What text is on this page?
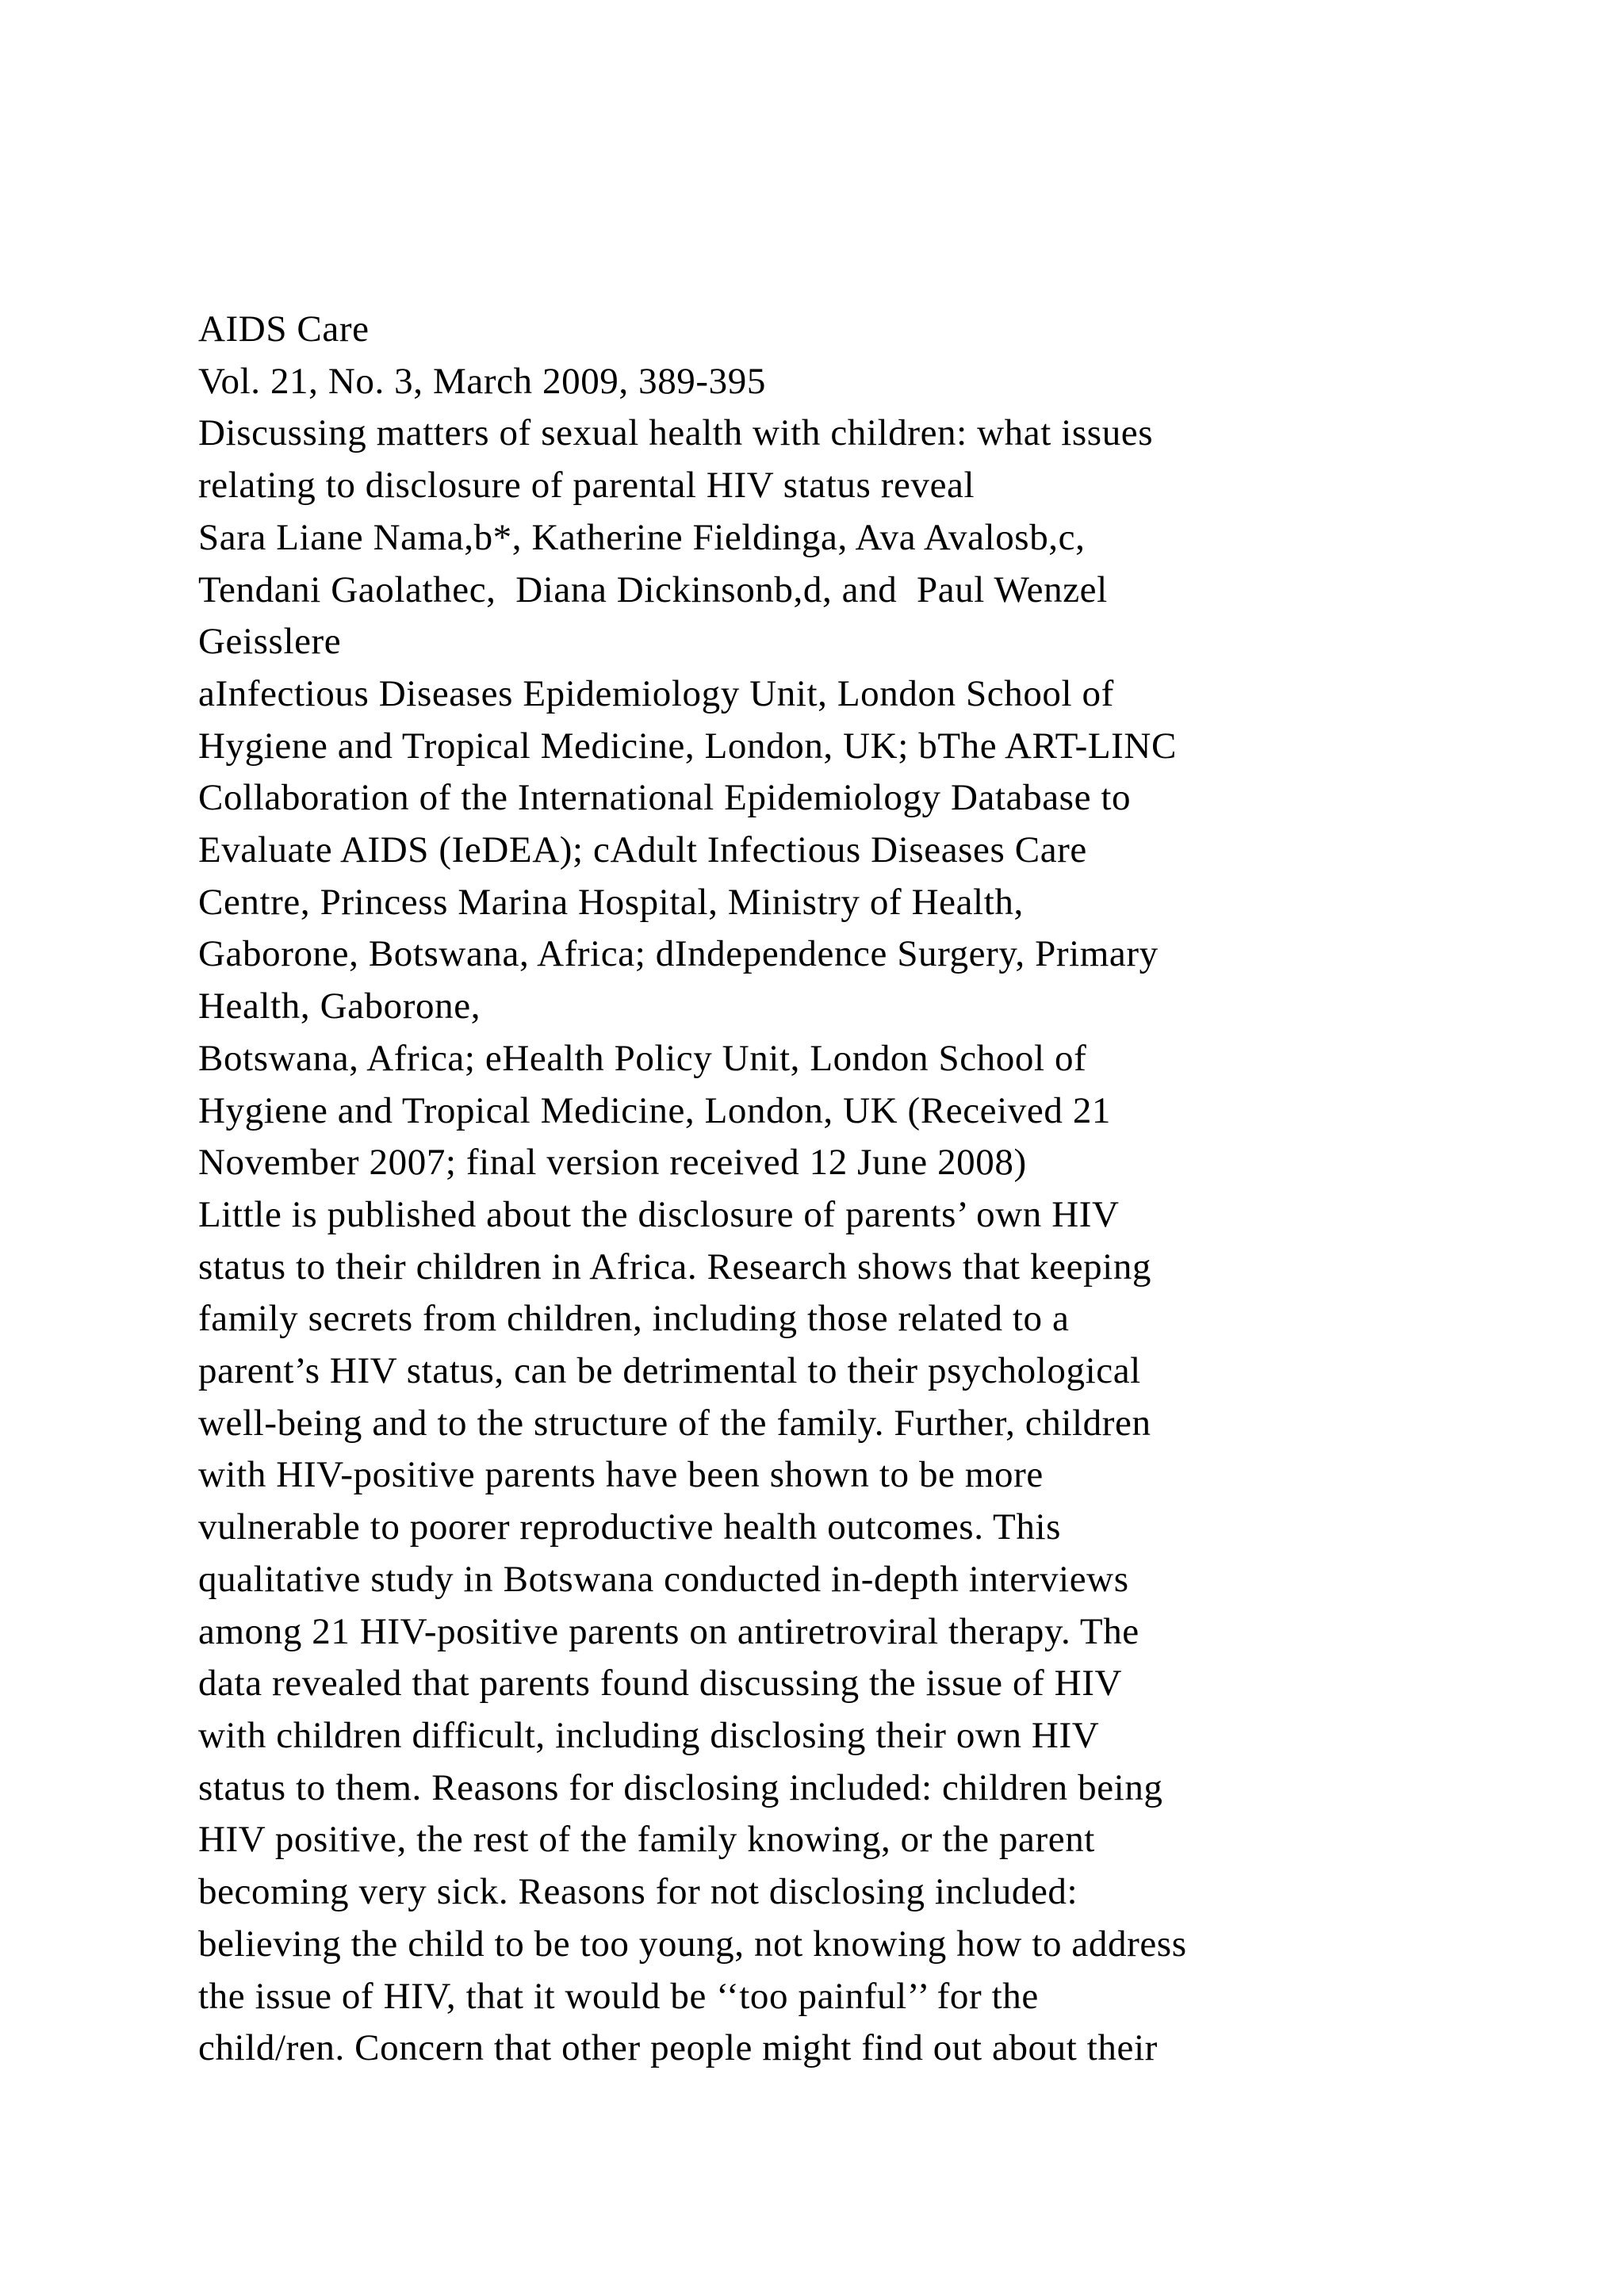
AIDS Care
Vol. 21, No. 3, March 2009, 389-395
Discussing matters of sexual health with children: what issues
relating to disclosure of parental HIV status reveal
Sara Liane Nama,b*, Katherine Fieldinga, Ava Avalosb,c,
Tendani Gaolathec,  Diana Dickinsonb,d, and  Paul Wenzel
Geisslere
aInfectious Diseases Epidemiology Unit, London School of
Hygiene and Tropical Medicine, London, UK; bThe ART-LINC
Collaboration of the International Epidemiology Database to
Evaluate AIDS (IeDEA); cAdult Infectious Diseases Care
Centre, Princess Marina Hospital, Ministry of Health,
Gaborone, Botswana, Africa; dIndependence Surgery, Primary
Health, Gaborone,
Botswana, Africa; eHealth Policy Unit, London School of
Hygiene and Tropical Medicine, London, UK (Received 21
November 2007; final version received 12 June 2008)
Little is published about the disclosure of parents’ own HIV
status to their children in Africa. Research shows that keeping
family secrets from children, including those related to a
parent’s HIV status, can be detrimental to their psychological
well-being and to the structure of the family. Further, children
with HIV-positive parents have been shown to be more
vulnerable to poorer reproductive health outcomes. This
qualitative study in Botswana conducted in-depth interviews
among 21 HIV-positive parents on antiretroviral therapy. The
data revealed that parents found discussing the issue of HIV
with children difficult, including disclosing their own HIV
status to them. Reasons for disclosing included: children being
HIV positive, the rest of the family knowing, or the parent
becoming very sick. Reasons for not disclosing included:
believing the child to be too young, not knowing how to address
the issue of HIV, that it would be ‘‘too painful’’ for the
child/ren. Concern that other people might find out about their
